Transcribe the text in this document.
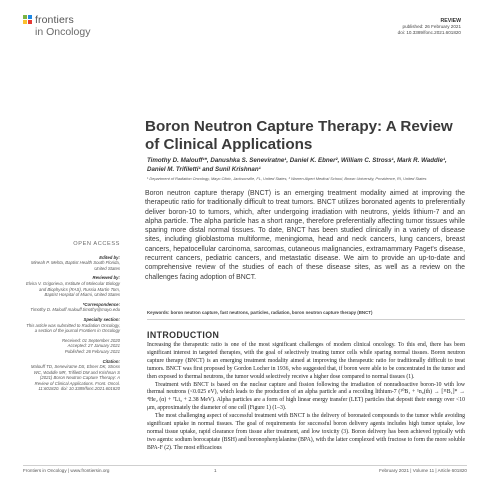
frontiers
in Oncology
REVIEW
published: 26 February 2021
doi: 10.3389/fonc.2021.601820
Boron Neutron Capture Therapy: A Review of Clinical Applications
Timothy D. Malouff¹*, Danushka S. Seneviratne¹, Daniel K. Ebner², William C. Stross¹, Mark R. Waddle¹, Daniel M. Trifiletti¹ and Sunil Krishnan¹
¹ Department of Radiation Oncology, Mayo Clinic, Jacksonville, FL, United States, ² Warren Alpert Medical School, Brown University, Providence, RI, United States
Boron neutron capture therapy (BNCT) is an emerging treatment modality aimed at improving the therapeutic ratio for traditionally difficult to treat tumors. BNCT utilizes boronated agents to preferentially deliver boron-10 to tumors, which, after undergoing irradiation with neutrons, yields lithium-7 and an alpha particle. The alpha particle has a short range, therefore preferentially affecting tumor tissues while sparing more distal normal tissues. To date, BNCT has been studied clinically in a variety of disease sites, including glioblastoma multiforme, meningioma, head and neck cancers, lung cancers, breast cancers, hepatocellular carcinoma, sarcomas, cutaneous malignancies, extramammary Paget's disease, recurrent cancers, pediatric cancers, and metastatic disease. We aim to provide an up-to-date and comprehensive review of the studies of each of these disease sites, as well as a review on the challenges facing adoption of BNCT.
Keywords: boron neutron capture, fast neutrons, particles, radiation, boron neutron capture therapy (BNCT)
OPEN ACCESS
Edited by:
Mineah P. Mehta, Baptist Health South Florida, United States
Reviewed by:
Elvira V. Grigorieva, Institute of Molecular Biology and Biophysics (RAS), Russia Martin Tom, Baptist Hospital of Miami, United States
*Correspondence:
Timothy D. Malouff malouff.timothy@mayo.edu
Specialty section:
This article was submitted to Radiation Oncology, a section of the journal Frontiers in Oncology
Received: 01 September 2020
Accepted: 27 January 2021
Published: 26 February 2021
Citation:
Malouff TD, Seneviratne DS, Ebner DK, Stross WC, Waddle MR, Trifiletti DM and Krishnan S (2021) Boron Neutron Capture Therapy: A Review of Clinical Applications. Front. Oncol. 11:601820. doi: 10.3389/fonc.2021.601820
INTRODUCTION

Increasing the therapeutic ratio is one of the most significant challenges of modern clinical oncology. To this end, there has been significant interest in targeted therapies, with the goal of selectively treating tumor cells while sparing normal tissues. Boron neutron capture therapy (BNCT) is an emerging treatment modality aimed at improving the therapeutic ratio for traditionally difficult to treat tumors. BNCT was first proposed by Gordon Locher in 1936, who suggested that, if boron were able to be concentrated in the tumor and then exposed to thermal neutrons, the tumor would selectively receive a higher dose compared to normal tissues (1).

Treatment with BNCT is based on the nuclear capture and fission following the irradiation of nonradioactive boron-10 with low thermal neutrons (<0.025 eV), which leads to the production of an alpha particle and a recoiling lithium-7 (¹⁰B₁ + ¹n₀(th) → [¹¹B₁]* → ⁴He₂ (α) + ⁷Li₃ + 2.38 MeV). Alpha particles are a form of high linear energy transfer (LET) particles that deposit their energy over <10 μm, approximately the diameter of one cell (Figure 1) (1–3).

The most challenging aspect of successful treatment with BNCT is the delivery of boronated compounds to the tumor while avoiding significant uptake in normal tissues. The goal of requirements for successful boron delivery agents includes high tumor uptake, low normal tissue uptake, rapid clearance from tissue after treatment, and low toxicity (3). Boron delivery has been achieved typically with two agents: sodium borocaptate (BSH) and boronophenylalanine (BPA), with the latter complexed with fructose to form the more soluble BPA-F (2). The most efficacious

Frontiers in Oncology | www.frontiersin.org	1	February 2021 | Volume 11 | Article 601820
